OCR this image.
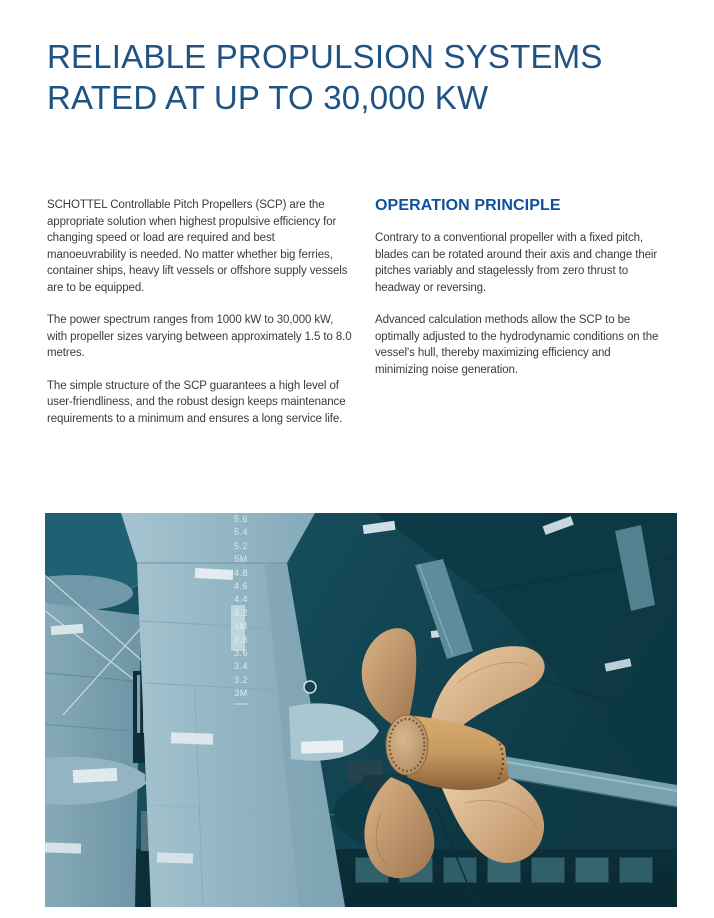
RELIABLE PROPULSION SYSTEMS
RATED AT UP TO 30,000 KW

SCHOTTEL Controllable Pitch Propellers (SCP) are the appropriate solution when highest propulsive efficiency for changing speed or load are required and best manoeuvrability is needed. No matter whether big ferries, container ships, heavy lift vessels or offshore supply vessels are to be equipped.

The power spectrum ranges from 1000 kW to 30,000 kW, with propeller sizes varying between approximately 1.5 to 8.0 metres.

The simple structure of the SCP guarantees a high level of user-friendliness, and the robust design keeps maintenance requirements to a minimum and ensures a long service life.

OPERATION PRINCIPLE

Contrary to a conventional propeller with a fixed pitch, blades can be rotated around their axis and change their pitches variably and stagelessly from zero thrust to headway or reversing.

Advanced calculation methods allow the SCP to be optimally adjusted to the hydrodynamic conditions on the vessel's hull, thereby maximizing efficiency and minimizing noise generation.

5.6
5.4
5.2
5M
4.8
4.6
4.4
4.2
4M
3.8
3.6
3.4
3.2
3M
